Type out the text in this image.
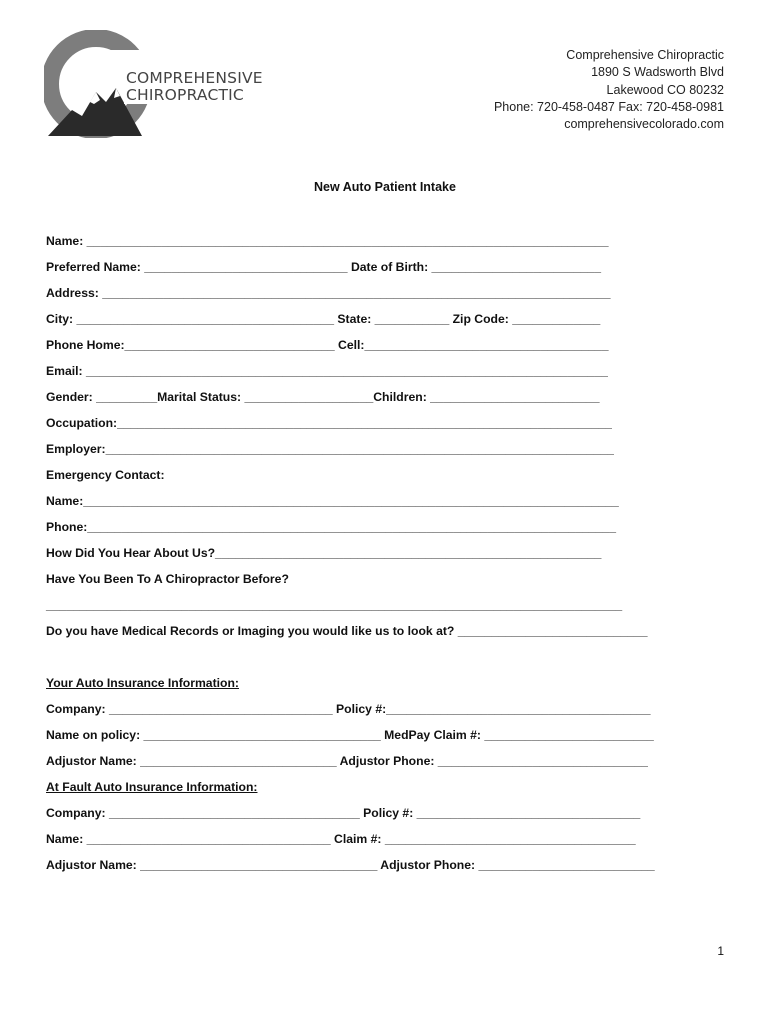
COMPREHENSIVE
CHIROPRACTIC
Comprehensive Chiropractic
1890 S Wadsworth Blvd
Lakewood CO 80232
Phone: 720-458-0487 Fax: 720-458-0981
comprehensivecolorado.com
New Auto Patient Intake
Name: _____________________________________________________________________________
Preferred Name: ______________________________ Date of Birth: _________________________
Address: ___________________________________________________________________________
City: ______________________________________ State: ___________ Zip Code: _____________
Phone Home:_______________________________ Cell:____________________________________
Email: _____________________________________________________________________________
Gender: _________Marital Status: ___________________Children: _________________________
Occupation:_________________________________________________________________________
Employer:___________________________________________________________________________
Emergency Contact:
Name:_______________________________________________________________________________
Phone:______________________________________________________________________________
How Did You Hear About Us?_________________________________________________________
Have You Been To A Chiropractor Before?
_____________________________________________________________________________________
Do you have Medical Records or Imaging you would like us to look at? ____________________________
Your Auto Insurance Information:
Company: _________________________________ Policy #:_______________________________________
Name on policy: ___________________________________ MedPay Claim #: _________________________
Adjustor Name: _____________________________ Adjustor Phone: _______________________________
At Fault Auto Insurance Information:
Company: _____________________________________ Policy #: _________________________________
Name: ____________________________________ Claim #: _____________________________________
Adjustor Name: ___________________________________ Adjustor Phone: __________________________
1
